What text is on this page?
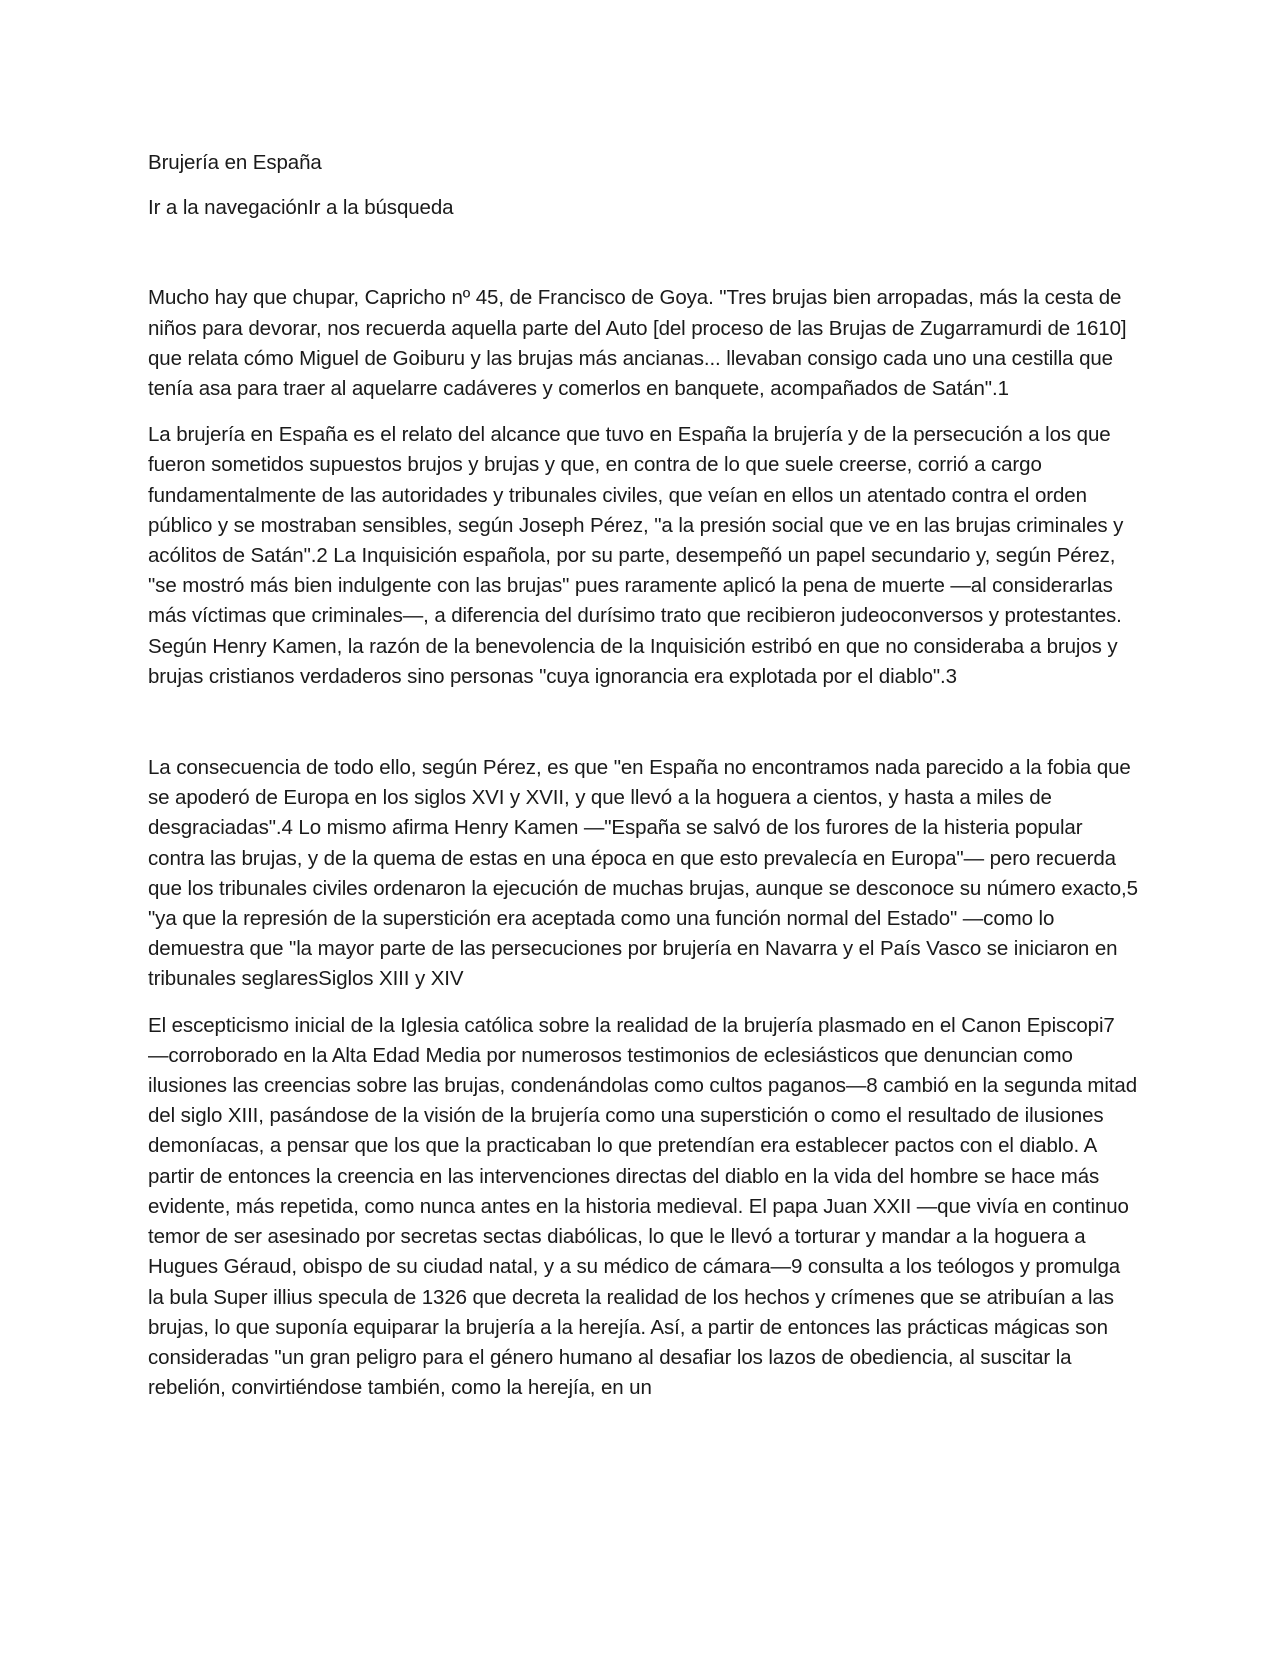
Brujería en España

Ir a la navegaciónIr a la búsqueda

Mucho hay que chupar, Capricho nº 45, de Francisco de Goya. "Tres brujas bien arropadas, más la cesta de niños para devorar, nos recuerda aquella parte del Auto [del proceso de las Brujas de Zugarramurdi de 1610] que relata cómo Miguel de Goiburu y las brujas más ancianas... llevaban consigo cada uno una cestilla que tenía asa para traer al aquelarre cadáveres y comerlos en banquete, acompañados de Satán".1

La brujería en España es el relato del alcance que tuvo en España la brujería y de la persecución a los que fueron sometidos supuestos brujos y brujas y que, en contra de lo que suele creerse, corrió a cargo fundamentalmente de las autoridades y tribunales civiles, que veían en ellos un atentado contra el orden público y se mostraban sensibles, según Joseph Pérez, "a la presión social que ve en las brujas criminales y acólitos de Satán".2 La Inquisición española, por su parte, desempeñó un papel secundario y, según Pérez, "se mostró más bien indulgente con las brujas" pues raramente aplicó la pena de muerte —al considerarlas más víctimas que criminales—, a diferencia del durísimo trato que recibieron judeoconversos y protestantes. Según Henry Kamen, la razón de la benevolencia de la Inquisición estribó en que no consideraba a brujos y brujas cristianos verdaderos sino personas "cuya ignorancia era explotada por el diablo".3

La consecuencia de todo ello, según Pérez, es que "en España no encontramos nada parecido a la fobia que se apoderó de Europa en los siglos XVI y XVII, y que llevó a la hoguera a cientos, y hasta a miles de desgraciadas".4 Lo mismo afirma Henry Kamen —"España se salvó de los furores de la histeria popular contra las brujas, y de la quema de estas en una época en que esto prevalecía en Europa"— pero recuerda que los tribunales civiles ordenaron la ejecución de muchas brujas, aunque se desconoce su número exacto,5 "ya que la represión de la superstición era aceptada como una función normal del Estado" —como lo demuestra que "la mayor parte de las persecuciones por brujería en Navarra y el País Vasco se iniciaron en tribunales seglaresSiglos XIII y XIV

El escepticismo inicial de la Iglesia católica sobre la realidad de la brujería plasmado en el Canon Episcopi7 —corroborado en la Alta Edad Media por numerosos testimonios de eclesiásticos que denuncian como ilusiones las creencias sobre las brujas, condenándolas como cultos paganos—8 cambió en la segunda mitad del siglo XIII, pasándose de la visión de la brujería como una superstición o como el resultado de ilusiones demoníacas, a pensar que los que la practicaban lo que pretendían era establecer pactos con el diablo. A partir de entonces la creencia en las intervenciones directas del diablo en la vida del hombre se hace más evidente, más repetida, como nunca antes en la historia medieval. El papa Juan XXII —que vivía en continuo temor de ser asesinado por secretas sectas diabólicas, lo que le llevó a torturar y mandar a la hoguera a Hugues Géraud, obispo de su ciudad natal, y a su médico de cámara—9 consulta a los teólogos y promulga la bula Super illius specula de 1326 que decreta la realidad de los hechos y crímenes que se atribuían a las brujas, lo que suponía equiparar la brujería a la herejía. Así, a partir de entonces las prácticas mágicas son consideradas "un gran peligro para el género humano al desafiar los lazos de obediencia, al suscitar la rebelión, convirtiéndose también, como la herejía, en un
